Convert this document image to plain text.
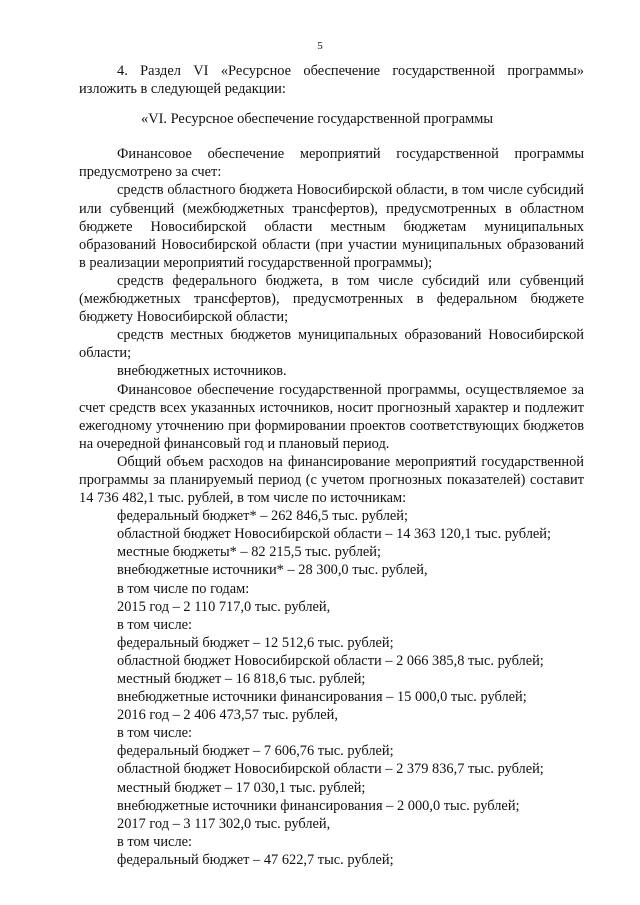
5

4. Раздел VI «Ресурсное обеспечение государственной программы» изложить в следующей редакции:

«VI. Ресурсное обеспечение государственной программы

Финансовое обеспечение мероприятий государственной программы предусмотрено за счет:

средств областного бюджета Новосибирской области, в том числе субсидий или субвенций (межбюджетных трансфертов), предусмотренных в областном бюджете Новосибирской области местным бюджетам муниципальных образований Новосибирской области (при участии муниципальных образований в реализации мероприятий государственной программы);

средств федерального бюджета, в том числе субсидий или субвенций (межбюджетных трансфертов), предусмотренных в федеральном бюджете бюджету Новосибирской области;

средств местных бюджетов муниципальных образований Новосибирской области;

внебюджетных источников.

Финансовое обеспечение государственной программы, осуществляемое за счет средств всех указанных источников, носит прогнозный характер и подлежит ежегодному уточнению при формировании проектов соответствующих бюджетов на очередной финансовый год и плановый период.

Общий объем расходов на финансирование мероприятий государственной программы за планируемый период (с учетом прогнозных показателей) составит 14 736 482,1 тыс. рублей, в том числе по источникам:

федеральный бюджет* – 262 846,5 тыс. рублей;

областной бюджет Новосибирской области – 14 363 120,1 тыс. рублей;

местные бюджеты* – 82 215,5 тыс. рублей;

внебюджетные источники* – 28 300,0 тыс. рублей,

в том числе по годам:

2015 год – 2 110 717,0 тыс. рублей,

в том числе:

федеральный бюджет – 12 512,6 тыс. рублей;

областной бюджет Новосибирской области – 2 066 385,8 тыс. рублей;

местный бюджет – 16 818,6 тыс. рублей;

внебюджетные источники финансирования – 15 000,0 тыс. рублей;

2016 год – 2 406 473,57 тыс. рублей,

в том числе:

федеральный бюджет – 7 606,76 тыс. рублей;

областной бюджет Новосибирской области – 2 379 836,7 тыс. рублей;

местный бюджет – 17 030,1 тыс. рублей;

внебюджетные источники финансирования – 2 000,0 тыс. рублей;

2017 год – 3 117 302,0 тыс. рублей,

в том числе:

федеральный бюджет – 47 622,7 тыс. рублей;
